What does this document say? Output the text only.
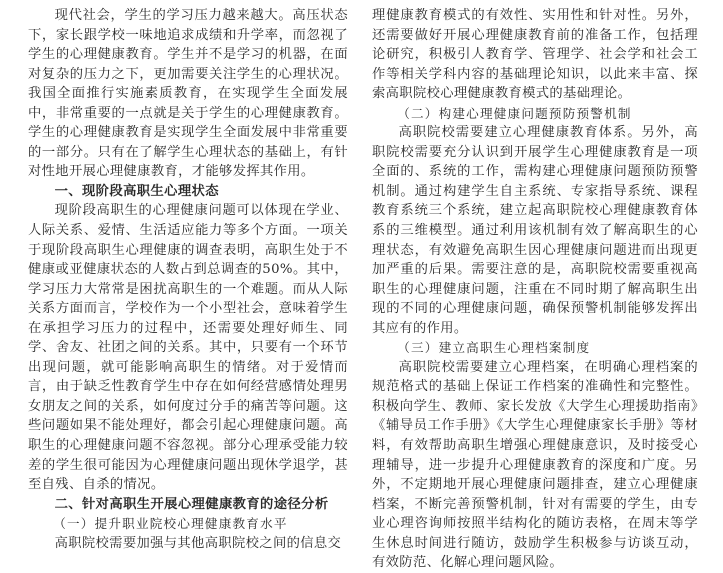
现代社会，学生的学习压力越来越大。高压状态下，家长跟学校一味地追求成绩和升学率，而忽视了学生的心理健康教育。学生并不是学习的机器，在面对复杂的压力之下，更加需要关注学生的心理状况。我国全面推行实施素质教育，在实现学生全面发展中，非常重要的一点就是关于学生的心理健康教育。学生的心理健康教育是实现学生全面发展中非常重要的一部分。只有在了解学生心理状态的基础上，有针对性地开展心理健康教育，才能够发挥其作用。

一、现阶段高职生心理状态

现阶段高职生的心理健康问题可以体现在学业、人际关系、爱情、生活适应能力等多个方面。一项关于现阶段高职生心理健康的调查表明，高职生处于不健康或亚健康状态的人数占到总调查的50%。其中，学习压力大常常是困扰高职生的一个难题。而从人际关系方面而言，学校作为一个小型社会，意味着学生在承担学习压力的过程中，还需要处理好师生、同学、舍友、社团之间的关系。其中，只要有一个环节出现问题，就可能影响高职生的情绪。对于爱情而言，由于缺乏性教育学生中存在如何经营感情处理男女朋友之间的关系，如何度过分手的痛苦等问题。这些问题如果不能处理好，都会引起心理健康问题。高职生的心理健康问题不容忽视。部分心理承受能力较差的学生很可能因为心理健康问题出现休学退学，甚至自残、自杀的情况。

二、针对高职生开展心理健康教育的途径分析
（一）提升职业院校心理健康教育水平

高职院校需要加强与其他高职院校之间的信息交

理健康教育模式的有效性、实用性和针对性。另外，还需要做好开展心理健康教育前的准备工作，包括理论研究，积极引人教育学、管理学、社会学和社会工作等相关学科内容的基础理论知识，以此来丰富、探索高职院校心理健康教育模式的基础理论。

（二）构建心理健康问题预防预警机制

高职院校需要建立心理健康教育体系。另外，高职院校需要充分认识到开展学生心理健康教育是一项全面的、系统的工作，需构建心理健康问题预防预警机制。通过构建学生自主系统、专家指导系统、课程教育系统三个系统，建立起高职院校心理健康教育体系的三维模型。通过利用该机制有效了解高职生的心理状态，有效避免高职生因心理健康问题进而出现更加严重的后果。需要注意的是，高职院校需要重视高职生的心理健康问题，注重在不同时期了解高职生出现的不同的心理健康问题，确保预警机制能够发挥出其应有的作用。

（三）建立高职生心理档案制度

高职院校需要建立心理档案，在明确心理档案的规范格式的基础上保证工作档案的准确性和完整性。积极向学生、教师、家长发放《大学生心理援助指南》《辅导员工作手册》《大学生心理健康家长手册》等材料，有效帮助高职生增强心理健康意识，及时接受心理辅导，进一步提升心理健康教育的深度和广度。另外，不定期地开展心理健康问题排查，建立心理健康档案，不断完善预警机制，针对有需要的学生，由专业心理咨询师按照半结构化的随访表格，在周末等学生休息时间进行随访，鼓励学生积极参与访谈互动，有效防范、化解心理问题风险。
